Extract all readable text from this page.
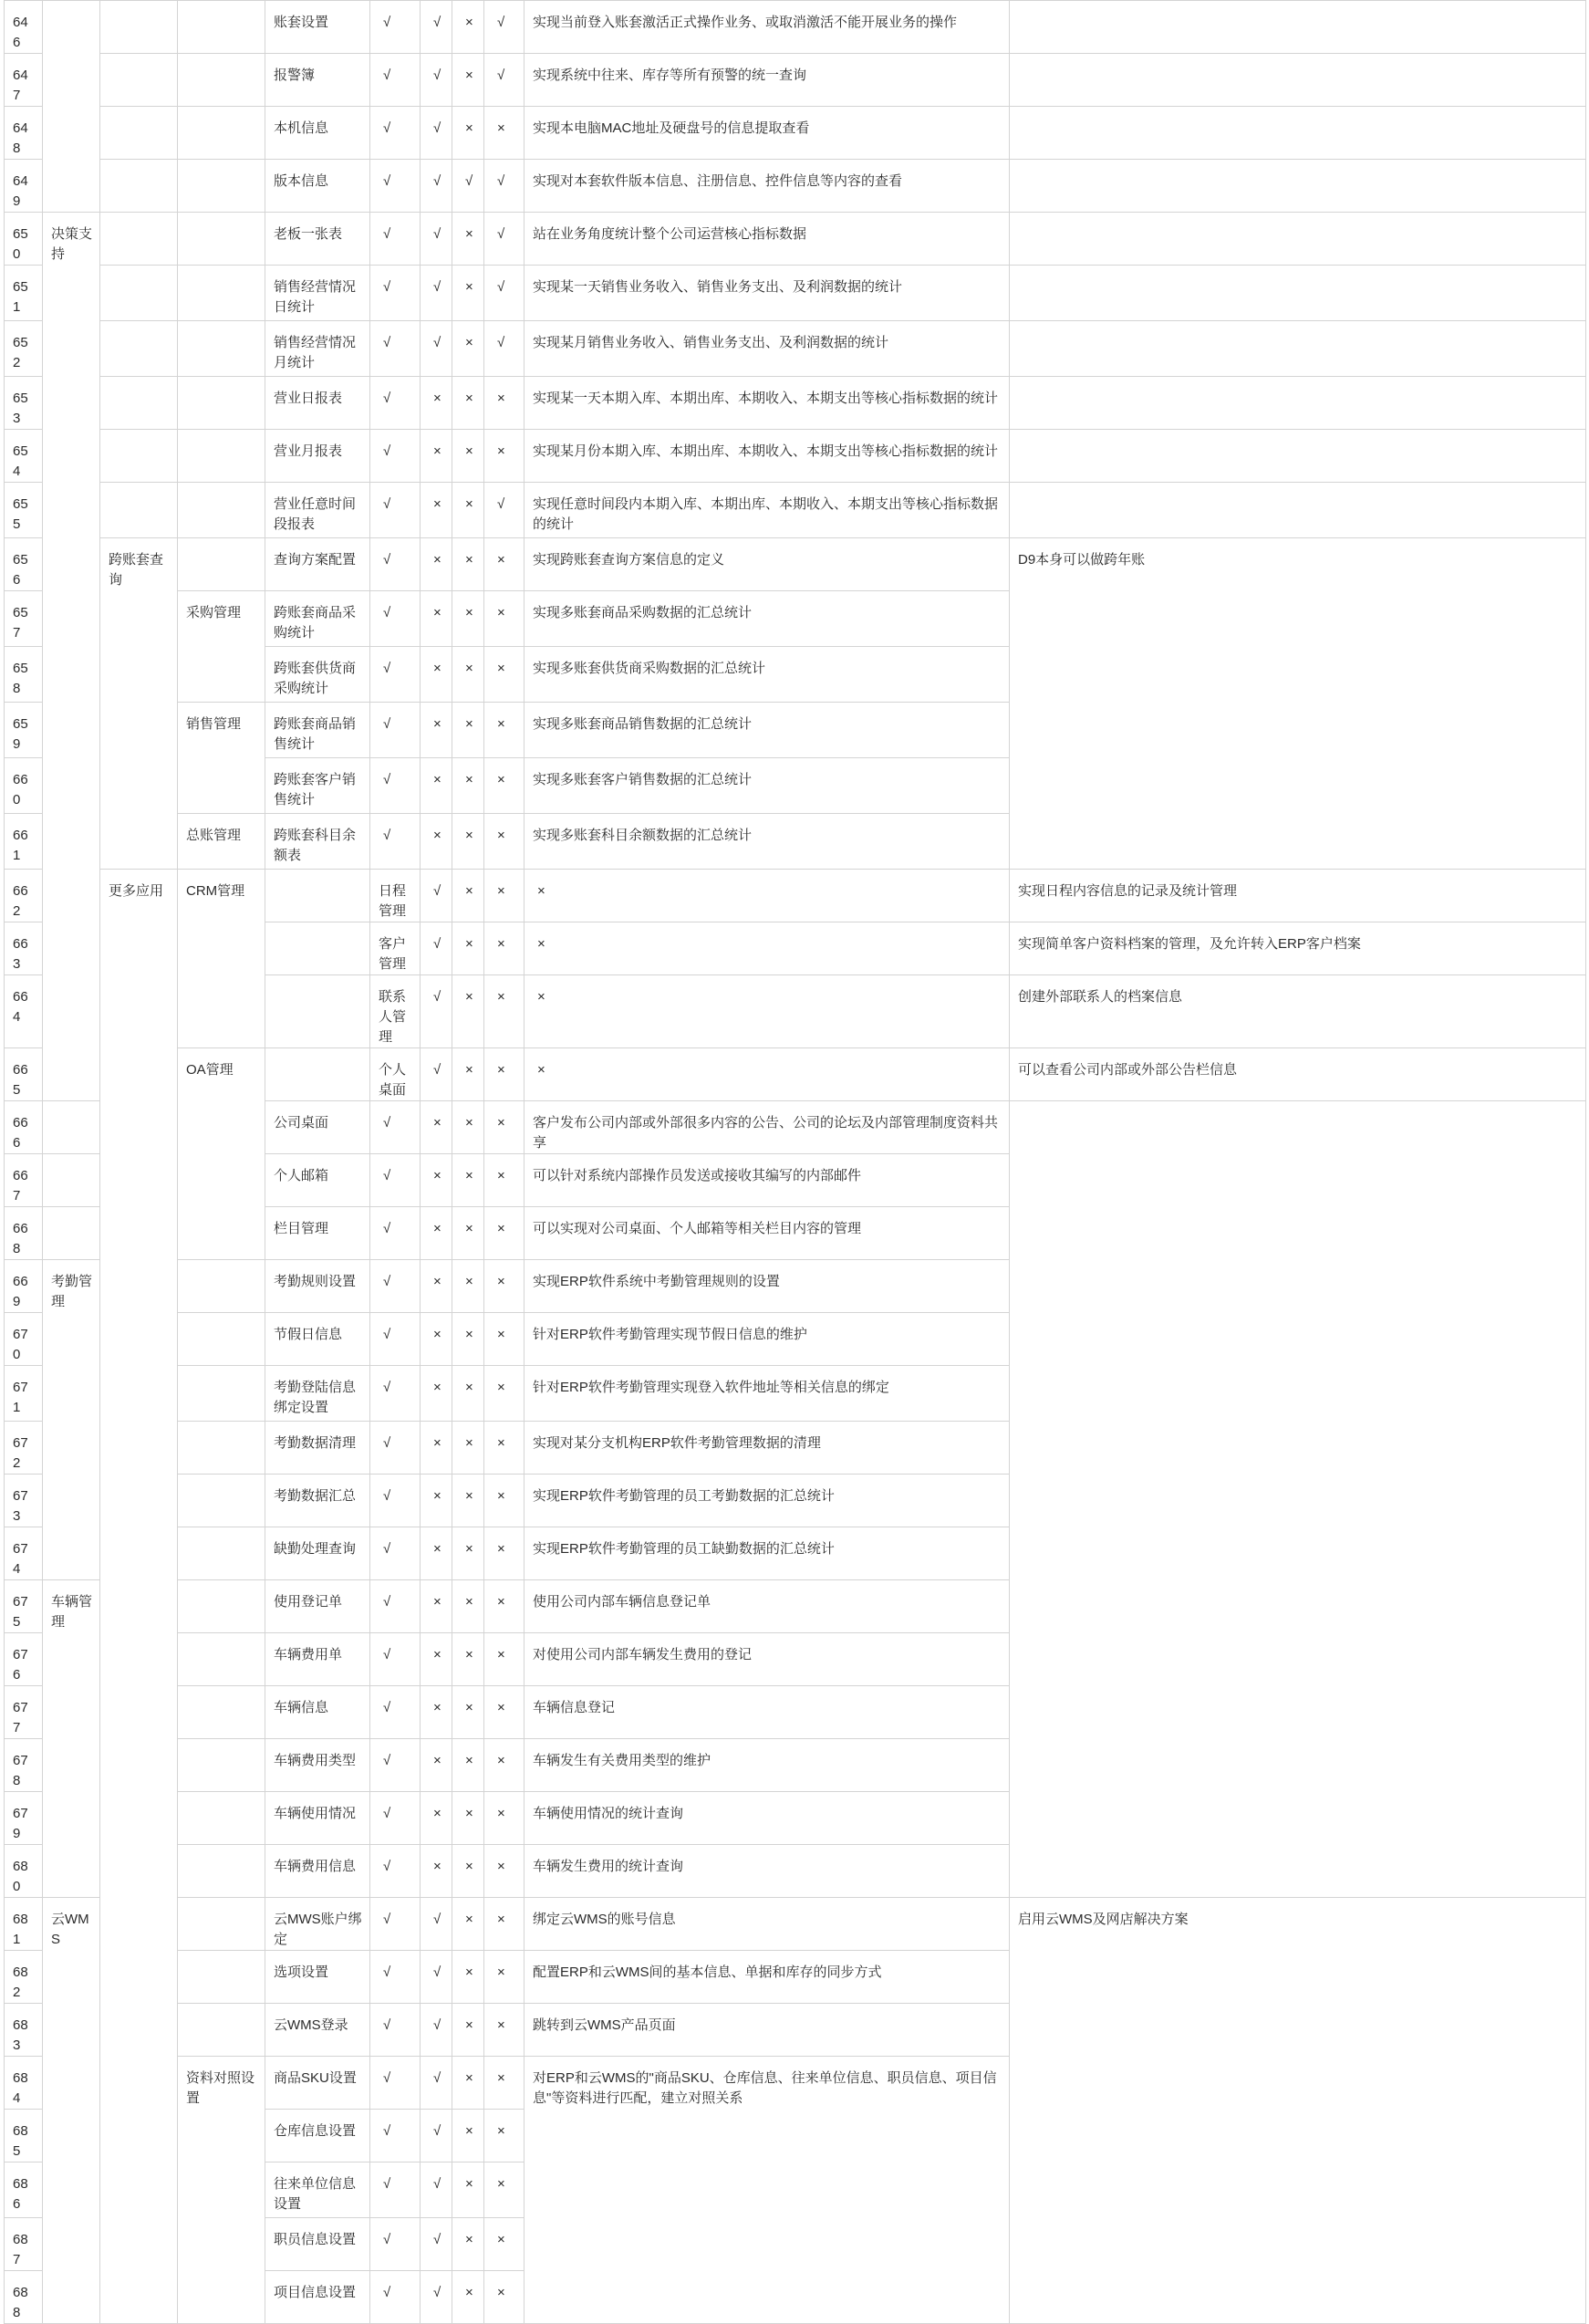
646				账套设置	√	√	×	√	实现当前登入账套激活正式操作业务、或取消激活不能开展业务的操作		
647				报警簿	√	√	×	√	实现系统中往来、库存等所有预警的统一查询		
648				本机信息	√	√	×	×	实现本电脑MAC地址及硬盘号的信息提取查看		
649				版本信息	√	√	√	√	实现对本套软件版本信息、注册信息、控件信息等内容的查看		
650	决策支持			老板一张表	√	√	×	√	站在业务角度统计整个公司运营核心指标数据		
651				销售经营情况日统计	√	√	×	√	实现某一天销售业务收入、销售业务支出、及利润数据的统计		
652				销售经营情况月统计	√	√	×	√	实现某月销售业务收入、销售业务支出、及利润数据的统计		
653				营业日报表	√	×	×	×	实现某一天本期入库、本期出库、本期收入、本期支出等核心指标数据的统计		
654				营业月报表	√	×	×	×	实现某月份本期入库、本期出库、本期收入、本期支出等核心指标数据的统计		
655				营业任意时间段报表	√	×	×	√	实现任意时间段内本期入库、本期出库、本期收入、本期支出等核心指标数据的统计		
656		跨账套查询		查询方案配置	√	×	×	×	实现跨账套查询方案信息的定义	D9本身可以做跨年账	
657			采购管理	跨账套商品采购统计	√	×	×	×	实现多账套商品采购数据的汇总统计		
658				跨账套供货商采购统计	√	×	×	×	实现多账套供货商采购数据的汇总统计		
659			销售管理	跨账套商品销售统计	√	×	×	×	实现多账套商品销售数据的汇总统计		
660				跨账套客户销售统计	√	×	×	×	实现多账套客户销售数据的汇总统计		
661			总账管理	跨账套科目余额表	√	×	×	×	实现多账套科目余额数据的汇总统计		
662		更多应用	CRM管理		日程管理	√	×	×	×	实现日程内容信息的记录及统计管理	
663					客户管理	√	×	×	×	实现简单客户资料档案的管理，及允许转入ERP客户档案	
664					联系人管理	√	×	×	×	创建外部联系人的档案信息	
665			OA管理		个人桌面	√	×	×	×	可以查看公司内部或外部公告栏信息	
666				公司桌面	√	×	×	×	客户发布公司内部或外部很多内容的公告、公司的论坛及内部管理制度资料共享		
667				个人邮箱	√	×	×	×	可以针对系统内部操作员发送或接收其编写的内部邮件		
668				栏目管理	√	×	×	×	可以实现对公司桌面、个人邮箱等相关栏目内容的管理		
669	考勤管理			考勤规则设置	√	×	×	×	实现ERP软件系统中考勤管理规则的设置		
670				节假日信息	√	×	×	×	针对ERP软件考勤管理实现节假日信息的维护		
671				考勤登陆信息绑定设置	√	×	×	×	针对ERP软件考勤管理实现登入软件地址等相关信息的绑定		
672				考勤数据清理	√	×	×	×	实现对某分支机构ERP软件考勤管理数据的清理		
673				考勤数据汇总	√	×	×	×	实现ERP软件考勤管理的员工考勤数据的汇总统计		
674				缺勤处理查询	√	×	×	×	实现ERP软件考勤管理的员工缺勤数据的汇总统计		
675	车辆管理			使用登记单	√	×	×	×	使用公司内部车辆信息登记单		
676				车辆费用单	√	×	×	×	对使用公司内部车辆发生费用的登记		
677				车辆信息	√	×	×	×	车辆信息登记		
678				车辆费用类型	√	×	×	×	车辆发生有关费用类型的维护		
679				车辆使用情况	√	×	×	×	车辆使用情况的统计查询		
680				车辆费用信息	√	×	×	×	车辆发生费用的统计查询		
681	云WMS			云MWS账户绑定	√	√	×	×	绑定云WMS的账号信息	启用云WMS及网店解决方案	
682				选项设置	√	√	×	×	配置ERP和云WMS间的基本信息、单据和库存的同步方式		
683				云WMS登录	√	√	×	×	跳转到云WMS产品页面		
684			资料对照设置	商品SKU设置	√	√	×	×	对ERP和云WMS的"商品SKU、仓库信息、往来单位信息、职员信息、项目信息"等资料进行匹配，建立对照关系		
685				仓库信息设置	√	√	×	×			
686				往来单位信息设置	√	√	×	×			
687				职员信息设置	√	√	×	×			
688				项目信息设置	√	√	×	×			
